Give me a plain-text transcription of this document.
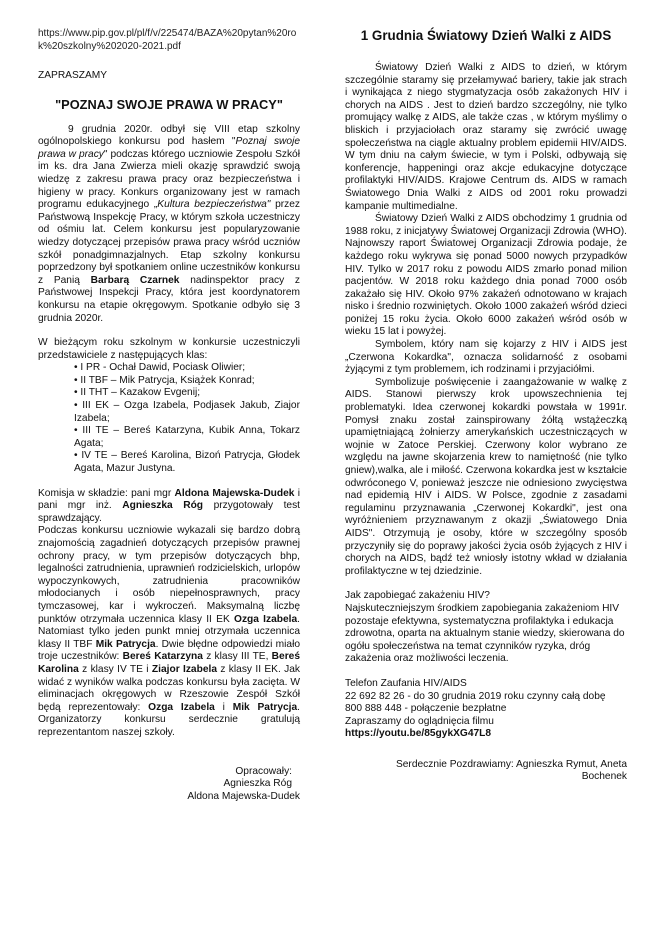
https://www.pip.gov.pl/pl/f/v/225474/BAZA%20pytan%20rok%20szkolny%202020-2021.pdf

ZAPRASZAMY

"POZNAJ SWOJE PRAWA W PRACY"

9 grudnia 2020r. odbył się VIII etap szkolny ogólnopolskiego konkursu pod hasłem "Poznaj swoje prawa w pracy" podczas którego uczniowie Zespołu Szkół im ks. dra Jana Zwierza mieli okazję sprawdzić swoją wiedzę z zakresu prawa pracy oraz bezpieczeństwa i higieny w pracy. Konkurs organizowany jest w ramach programu edukacyjnego „Kultura bezpieczeństwa" przez Państwową Inspekcję Pracy, w którym szkoła uczestniczy od ośmiu lat. Celem konkursu jest popularyzowanie wiedzy dotyczącej przepisów prawa pracy wśród uczniów szkół ponadgimnazjalnych. Etap szkolny konkursu poprzedzony był spotkaniem online uczestników konkursu z Panią Barbarą Czarnek nadinspektor pracy z Państwowej Inspekcji Pracy, która jest koordynatorem konkursu na etapie okręgowym. Spotkanie odbyło się 3 grudnia 2020r.

W bieżącym roku szkolnym w konkursie uczestniczyli przedstawiciele z następujących klas:

• I PR - Ochał Dawid, Pociask Oliwier;
• II TBF – Mik Patrycja, Książek Konrad;
• II THT – Kazakow Evgenij;
• III EK – Ozga Izabela, Podjasek Jakub, Ziajor Izabela;
• III TE – Bereś Katarzyna, Kubik Anna, Tokarz Agata;
• IV TE – Bereś Karolina, Bizoń Patrycja, Głodek Agata, Mazur Justyna.

Komisja w składzie: pani mgr Aldona Majewska-Dudek i pani mgr inż. Agnieszka Róg przygotowały test sprawdzający.

Podczas konkursu uczniowie wykazali się bardzo dobrą znajomością zagadnień dotyczących przepisów prawnej ochrony pracy, w tym przepisów dotyczących bhp, legalności zatrudnienia, uprawnień rodzicielskich, urlopów wypoczynkowych, zatrudnienia pracowników młodocianych i osób niepełnosprawnych, pracy tymczasowej, kar i wykroczeń. Maksymalną liczbę punktów otrzymała uczennica klasy II EK Ozga Izabela. Natomiast tylko jeden punkt mniej otrzymała uczennica klasy II TBF Mik Patrycja. Dwie błędne odpowiedzi miało troje uczestników: Bereś Katarzyna z klasy III TE, Bereś Karolina z klasy IV TE i Ziajor Izabela z klasy II EK. Jak widać z wyników walka podczas konkursu była zacięta. W eliminacjach okręgowych w Rzeszowie Zespół Szkół będą reprezentowały: Ozga Izabela i Mik Patrycja. Organizatorzy konkursu serdecznie gratulują reprezentantom naszej szkoły.

Opracowały:

Agnieszka Róg

Aldona Majewska-Dudek

1 Grudnia Światowy Dzień Walki z AIDS

Światowy Dzień Walki z AIDS to dzień, w którym szczególnie staramy się przełamywać bariery, takie jak strach i wynikająca z niego stygmatyzacja osób zakażonych HIV i chorych na AIDS . Jest to dzień bardzo szczególny, nie tylko promujący walkę z AIDS, ale także czas , w którym myślimy o bliskich i przyjaciołach oraz staramy się zwrócić uwagę społeczeństwa na ciągle aktualny problem epidemii HIV/AIDS. W tym dniu na całym świecie, w tym i Polski, odbywają się konferencje, happeningi oraz akcje edukacyjne dotyczące profilaktyki HIV/AIDS. Krajowe Centrum ds. AIDS w ramach Światowego Dnia Walki z AIDS od 2001 roku prowadzi kampanie multimedialne.

Światowy Dzień Walki z AIDS obchodzimy 1 grudnia od 1988 roku, z inicjatywy Światowej Organizacji Zdrowia (WHO). Najnowszy raport Światowej Organizacji Zdrowia podaje, że każdego roku wykrywa się ponad 5000 nowych przypadków HIV. Tylko w 2017 roku z powodu AIDS zmarło ponad milion pacjentów. W 2018 roku każdego dnia ponad 7000 osób zakażało się HIV. Około 97% zakażeń odnotowano w krajach nisko i średnio rozwiniętych. Około 1000 zakażeń wśród dzieci poniżej 15 roku życia. Około 6000 zakażeń wśród osób w wieku 15 lat i powyżej.

Symbolem, który nam się kojarzy z HIV i AIDS jest „Czerwona Kokardka", oznacza solidarność z osobami żyjącymi z tym problemem, ich rodzinami i przyjaciółmi.

Symbolizuje poświęcenie i zaangażowanie w walkę z AIDS. Stanowi pierwszy krok upowszechnienia tej problematyki. Idea czerwonej kokardki powstała w 1991r. Pomysł znaku został zainspirowany żółtą wstążeczką upamiętniającą żołnierzy amerykańskich uczestniczących w wojnie w Zatoce Perskiej. Czerwony kolor wybrano ze względu na jawne skojarzenia krew to namiętność (nie tylko gniew),walka, ale i miłość. Czerwona kokardka jest w kształcie odwróconego V, ponieważ jeszcze nie odniesiono zwycięstwa nad epidemią HIV i AIDS. W Polsce, zgodnie z zasadami regulaminu przyznawania „Czerwonej Kokardki", jest ona wyróżnieniem przyznawanym z okazji „Światowego Dnia AIDS". Otrzymują je osoby, które w szczególny sposób przyczyniły się do poprawy jakości życia osób żyjących z HIV i chorych na AIDS, bądź też wniosły istotny wkład w działania profilaktyczne w tej dziedzinie.

Jak zapobiegać zakażeniu HIV?

Najskuteczniejszym środkiem zapobiegania zakażeniom HIV pozostaje efektywna, systematyczna profilaktyka i edukacja zdrowotna, oparta na aktualnym stanie wiedzy, skierowana do ogółu społeczeństwa na temat czynników ryzyka, dróg zakażenia oraz możliwości leczenia.

Telefon Zaufania HIV/AIDS

22 692 82 26 - do 30 grudnia 2019 roku czynny całą dobę

800 888 448 - połączenie bezpłatne

Zapraszamy do oglądnięcia filmu

https://youtu.be/85gykXG47L8

Serdecznie Pozdrawiamy: Agnieszka Rymut, Aneta Bochenek
